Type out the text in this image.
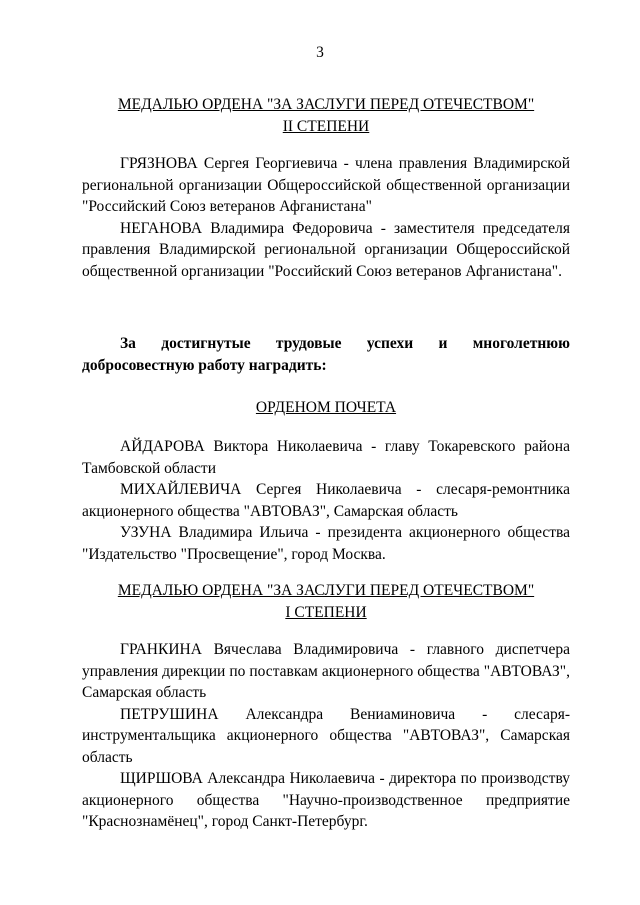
3
МЕДАЛЬЮ ОРДЕНА "ЗА ЗАСЛУГИ ПЕРЕД ОТЕЧЕСТВОМ"
II СТЕПЕНИ

ГРЯЗНОВА Сергея Георгиевича - члена правления Владимирской региональной организации Общероссийской общественной организации "Российский Союз ветеранов Афганистана"

НЕГАНОВА Владимира Федоровича - заместителя председателя правления Владимирской региональной организации Общероссийской общественной организации "Российский Союз ветеранов Афганистана".

За достигнутые трудовые успехи и многолетнюю добросовестную работу наградить:

ОРДЕНОМ ПОЧЕТА

АЙДАРОВА Виктора Николаевича - главу Токаревского района Тамбовской области

МИХАЙЛЕВИЧА Сергея Николаевича - слесаря-ремонтника акционерного общества "АВТОВАЗ", Самарская область

УЗУНА Владимира Ильича - президента акционерного общества "Издательство "Просвещение", город Москва.

МЕДАЛЬЮ ОРДЕНА "ЗА ЗАСЛУГИ ПЕРЕД ОТЕЧЕСТВОМ"
I СТЕПЕНИ

ГРАНКИНА Вячеслава Владимировича - главного диспетчера управления дирекции по поставкам акционерного общества "АВТОВАЗ", Самарская область

ПЕТРУШИНА Александра Вениаминовича - слесаря-инструментальщика акционерного общества "АВТОВАЗ", Самарская область

ЩИРШОВА Александра Николаевича - директора по производству акционерного общества "Научно-производственное предприятие "Краснознамёнец", город Санкт-Петербург.
